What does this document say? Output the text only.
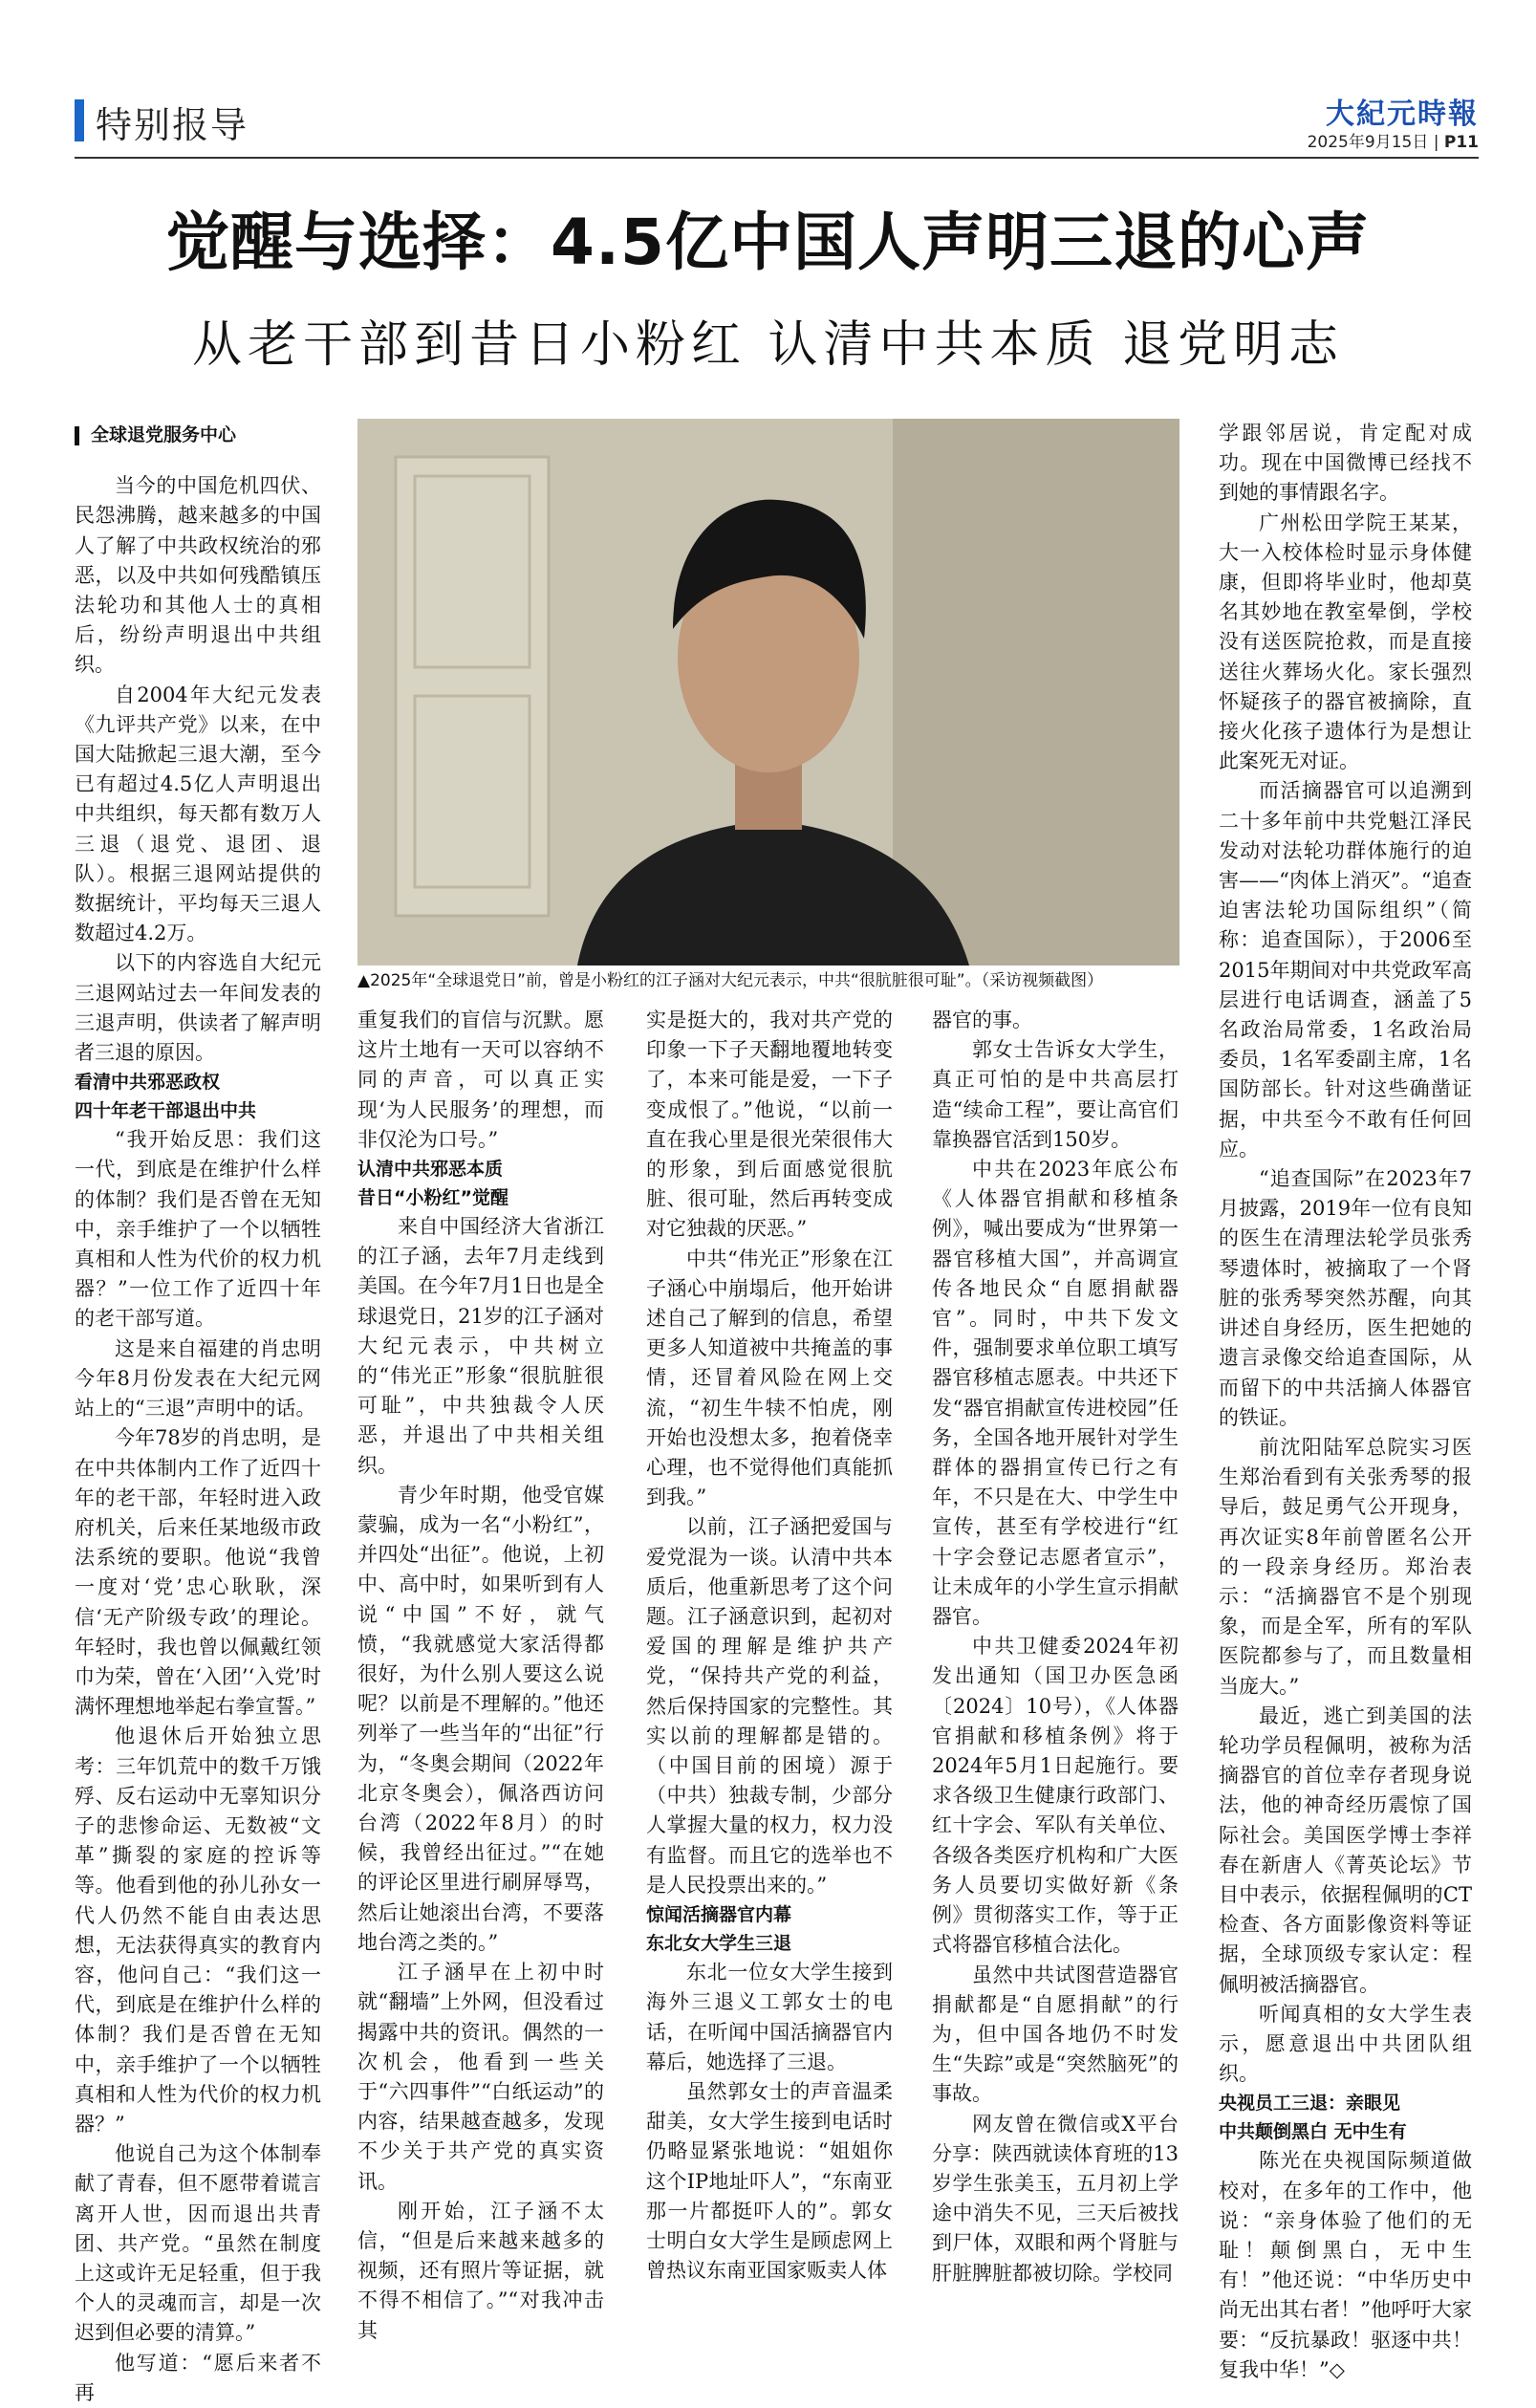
特别报导	大紀元時報
2025年9月15日 | P11
觉醒与选择：4.5亿中国人声明三退的心声
从老干部到昔日小粉红 认清中共本质 退党明志
▲2025年“全球退党日”前，曾是小粉红的江子涵对大纪元表示，中共“很肮脏很可耻”。（采访视频截图）
全球退党服务中心

当今的中国危机四伏、民怨沸腾，越来越多的中国人了解了中共政权统治的邪恶，以及中共如何残酷镇压法轮功和其他人士的真相后，纷纷声明退出中共组织。

自2004年大纪元发表《九评共产党》以来，在中国大陆掀起三退大潮，至今已有超过4.5亿人声明退出中共组织，每天都有数万人三退（退党、退团、退队）。根据三退网站提供的数据统计，平均每天三退人数超过4.2万。

以下的内容选自大纪元三退网站过去一年间发表的三退声明，供读者了解声明者三退的原因。

看清中共邪恶政权
四十年老干部退出中共

“我开始反思：我们这一代，到底是在维护什么样的体制？我们是否曾在无知中，亲手维护了一个以牺牲真相和人性为代价的权力机器？”一位工作了近四十年的老干部写道。

这是来自福建的肖忠明今年8月份发表在大纪元网站上的“三退”声明中的话。

今年78岁的肖忠明，是在中共体制内工作了近四十年的老干部，年轻时进入政府机关，后来任某地级市政法系统的要职。他说“我曾一度对‘党’忠心耿耿，深信‘无产阶级专政’的理论。年轻时，我也曾以佩戴红领巾为荣，曾在‘入团’‘入党’时满怀理想地举起右拳宣誓。”

他退休后开始独立思考：三年饥荒中的数千万饿殍、反右运动中无辜知识分子的悲惨命运、无数被“文革”撕裂的家庭的控诉等等。他看到他的孙儿孙女一代人仍然不能自由表达思想，无法获得真实的教育内容，他问自己：“我们这一代，到底是在维护什么样的体制？我们是否曾在无知中，亲手维护了一个以牺牲真相和人性为代价的权力机器？”

他说自己为这个体制奉献了青春，但不愿带着谎言离开人世，因而退出共青团、共产党。“虽然在制度上这或许无足轻重，但于我个人的灵魂而言，却是一次迟到但必要的清算。”

他写道：“愿后来者不再

重复我们的盲信与沉默。愿这片土地有一天可以容纳不同的声音，可以真正实现‘为人民服务’的理想，而非仅沦为口号。”

认清中共邪恶本质
昔日“小粉红”觉醒

来自中国经济大省浙江的江子涵，去年7月走线到美国。在今年7月1日也是全球退党日，21岁的江子涵对大纪元表示，中共树立的“伟光正”形象“很肮脏很可耻”，中共独裁令人厌恶，并退出了中共相关组织。

青少年时期，他受官媒蒙骗，成为一名“小粉红”，并四处“出征”。他说，上初中、高中时，如果听到有人说“中国”不好，就气愤，“我就感觉大家活得都很好，为什么别人要这么说呢？以前是不理解的。”他还列举了一些当年的“出征”行为，“冬奥会期间（2022年北京冬奥会），佩洛西访问台湾（2022年8月）的时候，我曾经出征过。”“在她的评论区里进行刷屏辱骂，然后让她滚出台湾，不要落地台湾之类的。”

江子涵早在上初中时就“翻墙”上外网，但没看过揭露中共的资讯。偶然的一次机会，他看到一些关于“六四事件”“白纸运动”的内容，结果越查越多，发现不少关于共产党的真实资讯。

刚开始，江子涵不太信，“但是后来越来越多的视频，还有照片等证据，就不得不相信了。”“对我冲击其

实是挺大的，我对共产党的印象一下子天翻地覆地转变了，本来可能是爱，一下子变成恨了。”他说，“以前一直在我心里是很光荣很伟大的形象，到后面感觉很肮脏、很可耻，然后再转变成对它独裁的厌恶。”

中共“伟光正”形象在江子涵心中崩塌后，他开始讲述自己了解到的信息，希望更多人知道被中共掩盖的事情，还冒着风险在网上交流，“初生牛犊不怕虎，刚开始也没想太多，抱着侥幸心理，也不觉得他们真能抓到我。”

以前，江子涵把爱国与爱党混为一谈。认清中共本质后，他重新思考了这个问题。江子涵意识到，起初对爱国的理解是维护共产党，“保持共产党的利益，然后保持国家的完整性。其实以前的理解都是错的。（中国目前的困境）源于（中共）独裁专制，少部分人掌握大量的权力，权力没有监督。而且它的选举也不是人民投票出来的。”

惊闻活摘器官内幕
东北女大学生三退

东北一位女大学生接到海外三退义工郭女士的电话，在听闻中国活摘器官内幕后，她选择了三退。

虽然郭女士的声音温柔甜美，女大学生接到电话时仍略显紧张地说：“姐姐你这个IP地址吓人”，“东南亚那一片都挺吓人的”。郭女士明白女大学生是顾虑网上曾热议东南亚国家贩卖人体

器官的事。

郭女士告诉女大学生，真正可怕的是中共高层打造“续命工程”，要让高官们靠换器官活到150岁。

中共在2023年底公布《人体器官捐献和移植条例》，喊出要成为“世界第一器官移植大国”，并高调宣传各地民众“自愿捐献器官”。同时，中共下发文件，强制要求单位职工填写器官移植志愿表。中共还下发“器官捐献宣传进校园”任务，全国各地开展针对学生群体的器捐宣传已行之有年，不只是在大、中学生中宣传，甚至有学校进行“红十字会登记志愿者宣示”，让未成年的小学生宣示捐献器官。

中共卫健委2024年初发出通知（国卫办医急函〔2024〕10号），《人体器官捐献和移植条例》将于2024年5月1日起施行。要求各级卫生健康行政部门、红十字会、军队有关单位、各级各类医疗机构和广大医务人员要切实做好新《条例》贯彻落实工作，等于正式将器官移植合法化。

虽然中共试图营造器官捐献都是“自愿捐献”的行为，但中国各地仍不时发生“失踪”或是“突然脑死”的事故。

网友曾在微信或X平台分享：陕西就读体育班的13岁学生张美玉，五月初上学途中消失不见，三天后被找到尸体，双眼和两个肾脏与肝脏脾脏都被切除。学校同

学跟邻居说，肯定配对成功。现在中国微博已经找不到她的事情跟名字。

广州松田学院王某某，大一入校体检时显示身体健康，但即将毕业时，他却莫名其妙地在教室晕倒，学校没有送医院抢救，而是直接送往火葬场火化。家长强烈怀疑孩子的器官被摘除，直接火化孩子遗体行为是想让此案死无对证。

而活摘器官可以追溯到二十多年前中共党魁江泽民发动对法轮功群体施行的迫害——“肉体上消灭”。“追查迫害法轮功国际组织”（简称：追查国际），于2006至2015年期间对中共党政军高层进行电话调查，涵盖了5名政治局常委，1名政治局委员，1名军委副主席，1名国防部长。针对这些确凿证据，中共至今不敢有任何回应。

“追查国际”在2023年7月披露，2019年一位有良知的医生在清理法轮学员张秀琴遗体时，被摘取了一个肾脏的张秀琴突然苏醒，向其讲述自身经历，医生把她的遗言录像交给追查国际，从而留下的中共活摘人体器官的铁证。

前沈阳陆军总院实习医生郑治看到有关张秀琴的报导后，鼓足勇气公开现身，再次证实8年前曾匿名公开的一段亲身经历。郑治表示：“活摘器官不是个别现象，而是全军，所有的军队医院都参与了，而且数量相当庞大。”

最近，逃亡到美国的法轮功学员程佩明，被称为活摘器官的首位幸存者现身说法，他的神奇经历震惊了国际社会。美国医学博士李祥春在新唐人《菁英论坛》节目中表示，依据程佩明的CT检查、各方面影像资料等证据，全球顶级专家认定：程佩明被活摘器官。

听闻真相的女大学生表示，愿意退出中共团队组织。

央视员工三退：亲眼见
中共颠倒黑白 无中生有

陈光在央视国际频道做校对，在多年的工作中，他说：“亲身体验了他们的无耻！颠倒黑白，无中生有！”他还说：“中华历史中尚无出其右者！”他呼吁大家要：“反抗暴政！驱逐中共！复我中华！”◇
